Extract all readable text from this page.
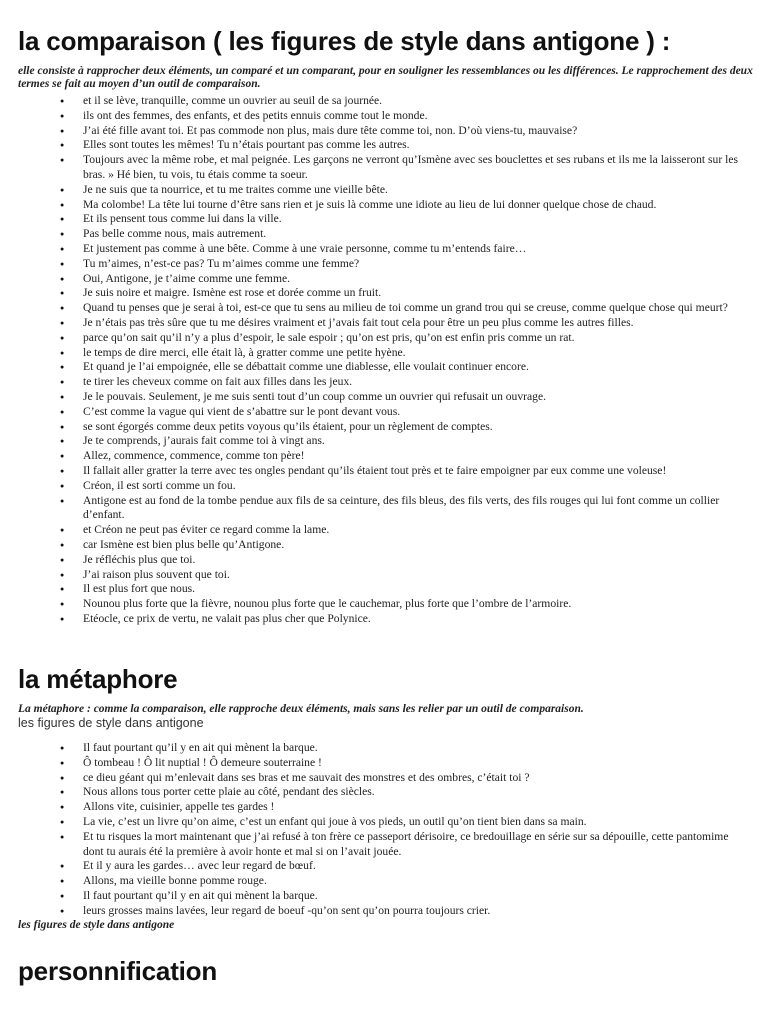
la comparaison ( les figures de style dans antigone ) :
elle consiste à rapprocher deux éléments, un comparé et un comparant, pour en souligner les ressemblances ou les différences. Le rapprochement des deux termes se fait au moyen d’un outil de comparaison.
● et il se lève, tranquille, comme un ouvrier au seuil de sa journée.
● ils ont des femmes, des enfants, et des petits ennuis comme tout le monde.
● J’ai été fille avant toi. Et pas commode non plus, mais dure tête comme toi, non. D’où viens-tu, mauvaise?
● Elles sont toutes les mêmes! Tu n’étais pourtant pas comme les autres.
● Toujours avec la même robe, et mal peignée. Les garçons ne verront qu’Ismène avec ses bouclettes et ses rubans et ils me la laisseront sur les bras. » Hé bien, tu vois, tu étais comme ta soeur.
● Je ne suis que ta nourrice, et tu me traites comme une vieille bête.
● Ma colombe! La tête lui tourne d’être sans rien et je suis là comme une idiote au lieu de lui donner quelque chose de chaud.
● Et ils pensent tous comme lui dans la ville.
● Pas belle comme nous, mais autrement.
● Et justement pas comme à une bête. Comme à une vraie personne, comme tu m’entends faire…
● Tu m’aimes, n’est-ce pas? Tu m’aimes comme une femme?
● Oui, Antigone, je t’aime comme une femme.
● Je suis noire et maigre. Ismène est rose et dorée comme un fruit.
● Quand tu penses que je serai à toi, est-ce que tu sens au milieu de toi comme un grand trou qui se creuse, comme quelque chose qui meurt?
● Je n’étais pas très sûre que tu me désires vraiment et j’avais fait tout cela pour être un peu plus comme les autres filles.
● parce qu’on sait qu’il n’y a plus d’espoir, le sale espoir ; qu’on est pris, qu’on est enfin pris comme un rat.
● le temps de dire merci, elle était là, à gratter comme une petite hyène.
● Et quand je l’ai empoignée, elle se débattait comme une diablesse, elle voulait continuer encore.
● te tirer les cheveux comme on fait aux filles dans les jeux.
● Je le pouvais. Seulement, je me suis senti tout d’un coup comme un ouvrier qui refusait un ouvrage.
● C’est comme la vague qui vient de s’abattre sur le pont devant vous.
● se sont égorgés comme deux petits voyous qu’ils étaient, pour un règlement de comptes.
● Je te comprends, j’aurais fait comme toi à vingt ans.
● Allez, commence, commence, comme ton père!
● Il fallait aller gratter la terre avec tes ongles pendant qu’ils étaient tout près et te faire empoigner par eux comme une voleuse!
● Créon, il est sorti comme un fou.
● Antigone est au fond de la tombe pendue aux fils de sa ceinture, des fils bleus, des fils verts, des fils rouges qui lui font comme un collier d’enfant.
● et Créon ne peut pas éviter ce regard comme la lame.
● car Ismène est bien plus belle qu’Antigone.
● Je réfléchis plus que toi.
● J’ai raison plus souvent que toi.
● Il est plus fort que nous.
● Nounou plus forte que la fièvre, nounou plus forte que le cauchemar, plus forte que l’ombre de l’armoire.
● Etéocle, ce prix de vertu, ne valait pas plus cher que Polynice.
la métaphore
La métaphore : comme la comparaison, elle rapproche deux éléments, mais sans les relier par un outil de comparaison.
les figures de style dans antigone
● Il faut pourtant qu’il y en ait qui mènent la barque.
● Ô tombeau ! Ô lit nuptial ! Ô demeure souterraine !
● ce dieu géant qui m’enlevait dans ses bras et me sauvait des monstres et des ombres, c’était toi ?
● Nous allons tous porter cette plaie au côté, pendant des siècles.
● Allons vite, cuisinier, appelle tes gardes !
● La vie, c’est un livre qu’on aime, c’est un enfant qui joue à vos pieds, un outil qu’on tient bien dans sa main.
● Et tu risques la mort maintenant que j’ai refusé à ton frère ce passeport dérisoire, ce bredouillage en série sur sa dépouille, cette pantomime dont tu aurais été la première à avoir honte et mal si on l’avait jouée.
● Et il y aura les gardes… avec leur regard de bœuf.
● Allons, ma vieille bonne pomme rouge.
● Il faut pourtant qu’il y en ait qui mènent la barque.
● leurs grosses mains lavées, leur regard de boeuf -qu’on sent qu’on pourra toujours crier.
les figures de style dans antigone
personnification
